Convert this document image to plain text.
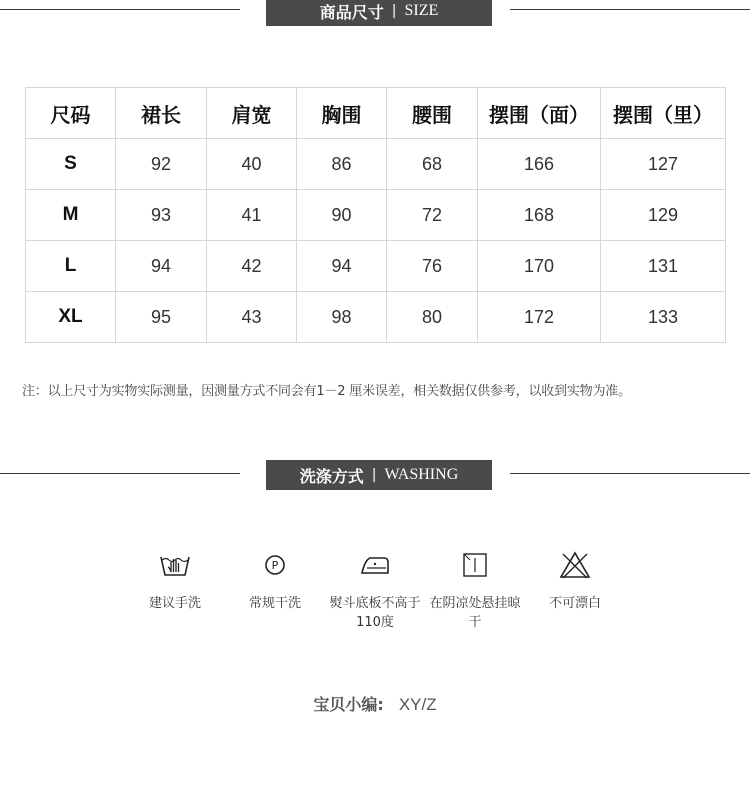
商品尺寸 | SIZE
尺码	裙长	肩宽	胸围	腰围	摆围（面）	摆围（里）
S	92	40	86	68	166	127
M	93	41	90	72	168	129
L	94	42	94	76	170	131
XL	95	43	98	80	172	133
注：以上尺寸为实物实际测量，因测量方式不同会有1－2 厘米误差，相关数据仅供参考，以收到实物为准。
洗涤方式 | WASHING
建议手洗
P
常规干洗	熨斗底板不高于110度
在阴凉处悬挂晾干
不可漂白
宝贝小编: XY/Z
